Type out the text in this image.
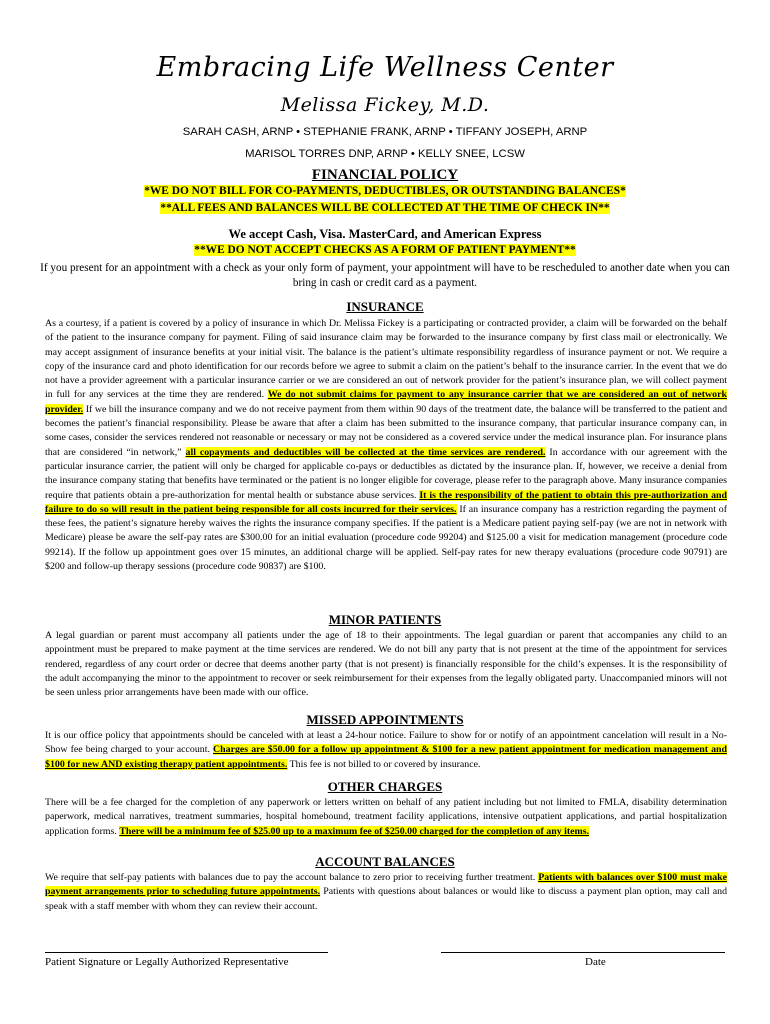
Embracing Life Wellness Center
Melissa Fickey, M.D.
SARAH CASH, ARNP • STEPHANIE FRANK, ARNP • TIFFANY JOSEPH, ARNP
MARISOL TORRES DNP, ARNP • KELLY SNEE, LCSW
FINANCIAL POLICY
*WE DO NOT BILL FOR CO-PAYMENTS, DEDUCTIBLES, OR OUTSTANDING BALANCES*
**ALL FEES AND BALANCES WILL BE COLLECTED AT THE TIME OF CHECK IN**
We accept Cash, Visa. MasterCard, and American Express
**WE DO NOT ACCEPT CHECKS AS A FORM OF PATIENT PAYMENT**
If you present for an appointment with a check as your only form of payment, your appointment will have to be rescheduled to another date when you can bring in cash or credit card as a payment.
INSURANCE
As a courtesy, if a patient is covered by a policy of insurance in which Dr. Melissa Fickey is a participating or contracted provider, a claim will be forwarded on the behalf of the patient to the insurance company for payment. Filing of said insurance claim may be forwarded to the insurance company by first class mail or electronically. We may accept assignment of insurance benefits at your initial visit. The balance is the patient’s ultimate responsibility regardless of insurance payment or not. We require a copy of the insurance card and photo identification for our records before we agree to submit a claim on the patient’s behalf to the insurance carrier. In the event that we do not have a provider agreement with a particular insurance carrier or we are considered an out of network provider for the patient’s insurance plan, we will collect payment in full for any services at the time they are rendered. We do not submit claims for payment to any insurance carrier that we are considered an out of network provider. If we bill the insurance company and we do not receive payment from them within 90 days of the treatment date, the balance will be transferred to the patient and becomes the patient’s financial responsibility. Please be aware that after a claim has been submitted to the insurance company, that particular insurance company can, in some cases, consider the services rendered not reasonable or necessary or may not be considered as a covered service under the medical insurance plan. For insurance plans that are considered “in network,” all copayments and deductibles will be collected at the time services are rendered. In accordance with our agreement with the particular insurance carrier, the patient will only be charged for applicable co-pays or deductibles as dictated by the insurance plan. If, however, we receive a denial from the insurance company stating that benefits have terminated or the patient is no longer eligible for coverage, please refer to the paragraph above. Many insurance companies require that patients obtain a pre-authorization for mental health or substance abuse services. It is the responsibility of the patient to obtain this pre-authorization and failure to do so will result in the patient being responsible for all costs incurred for their services. If an insurance company has a restriction regarding the payment of these fees, the patient’s signature hereby waives the rights the insurance company specifies. If the patient is a Medicare patient paying self-pay (we are not in network with Medicare) please be aware the self-pay rates are $300.00 for an initial evaluation (procedure code 99204) and $125.00 a visit for medication management (procedure code 99214). If the follow up appointment goes over 15 minutes, an additional charge will be applied. Self-pay rates for new therapy evaluations (procedure code 90791) are $200 and follow-up therapy sessions (procedure code 90837) are $100.
MINOR PATIENTS
A legal guardian or parent must accompany all patients under the age of 18 to their appointments. The legal guardian or parent that accompanies any child to an appointment must be prepared to make payment at the time services are rendered. We do not bill any party that is not present at the time of the appointment for services rendered, regardless of any court order or decree that deems another party (that is not present) is financially responsible for the child’s expenses. It is the responsibility of the adult accompanying the minor to the appointment to recover or seek reimbursement for their expenses from the legally obligated party. Unaccompanied minors will not be seen unless prior arrangements have been made with our office.
MISSED APPOINTMENTS
It is our office policy that appointments should be canceled with at least a 24-hour notice. Failure to show for or notify of an appointment cancelation will result in a No-Show fee being charged to your account. Charges are $50.00 for a follow up appointment & $100 for a new patient appointment for medication management and $100 for new AND existing therapy patient appointments. This fee is not billed to or covered by insurance.
OTHER CHARGES
There will be a fee charged for the completion of any paperwork or letters written on behalf of any patient including but not limited to FMLA, disability determination paperwork, medical narratives, treatment summaries, hospital homebound, treatment facility applications, intensive outpatient applications, and partial hospitalization application forms. There will be a minimum fee of $25.00 up to a maximum fee of $250.00 charged for the completion of any items.
ACCOUNT BALANCES
We require that self-pay patients with balances due to pay the account balance to zero prior to receiving further treatment. Patients with balances over $100 must make payment arrangements prior to scheduling future appointments. Patients with questions about balances or would like to discuss a payment plan option, may call and speak with a staff member with whom they can review their account.
Patient Signature or Legally Authorized Representative	Date
